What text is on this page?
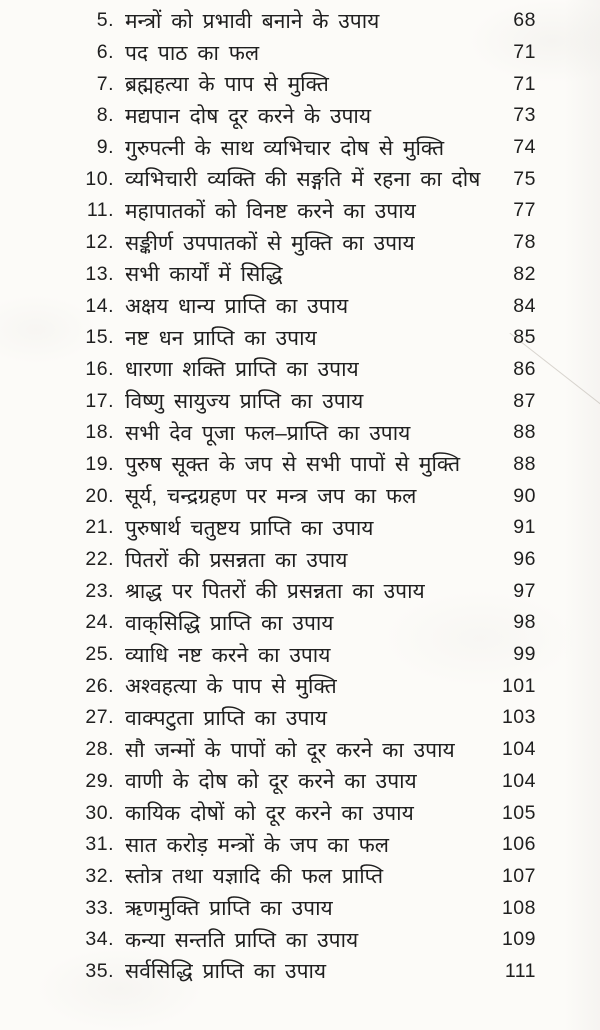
5. मन्त्रों को प्रभावी बनाने के उपाय	68
6. पद पाठ का फल	71
7. ब्रह्महत्या के पाप से मुक्ति	71
8. मद्यपान दोष दूर करने के उपाय	73
9. गुरुपत्नी के साथ व्यभिचार दोष से मुक्ति	74
10. व्यभिचारी व्यक्ति की सङ्गति में रहना का दोष	75
11. महापातकों को विनष्ट करने का उपाय	77
12. सङ्कीर्ण उपपातकों से मुक्ति का उपाय	78
13. सभी कार्यों में सिद्धि	82
14. अक्षय धान्य प्राप्ति का उपाय	84
15. नष्ट धन प्राप्ति का उपाय	85
16. धारणा शक्ति प्राप्ति का उपाय	86
17. विष्णु सायुज्य प्राप्ति का उपाय	87
18. सभी देव पूजा फल–प्राप्ति का उपाय	88
19. पुरुष सूक्त के जप से सभी पापों से मुक्ति	88
20. सूर्य, चन्द्रग्रहण पर मन्त्र जप का फल	90
21. पुरुषार्थ चतुष्टय प्राप्ति का उपाय	91
22. पितरों की प्रसन्नता का उपाय	96
23. श्राद्ध पर पितरों की प्रसन्नता का उपाय	97
24. वाक्‌सिद्धि प्राप्ति का उपाय	98
25. व्याधि नष्ट करने का उपाय	99
26. अश्वहत्या के पाप से मुक्ति	101
27. वाक्पटुता प्राप्ति का उपाय	103
28. सौ जन्मों के पापों को दूर करने का उपाय	104
29. वाणी के दोष को दूर करने का उपाय	104
30. कायिक दोषों को दूर करने का उपाय	105
31. सात करोड़ मन्त्रों के जप का फल	106
32. स्तोत्र तथा यज्ञादि की फल प्राप्ति	107
33. ऋणमुक्ति प्राप्ति का उपाय	108
34. कन्या सन्तति प्राप्ति का उपाय	109
35. सर्वसिद्धि प्राप्ति का उपाय	111
